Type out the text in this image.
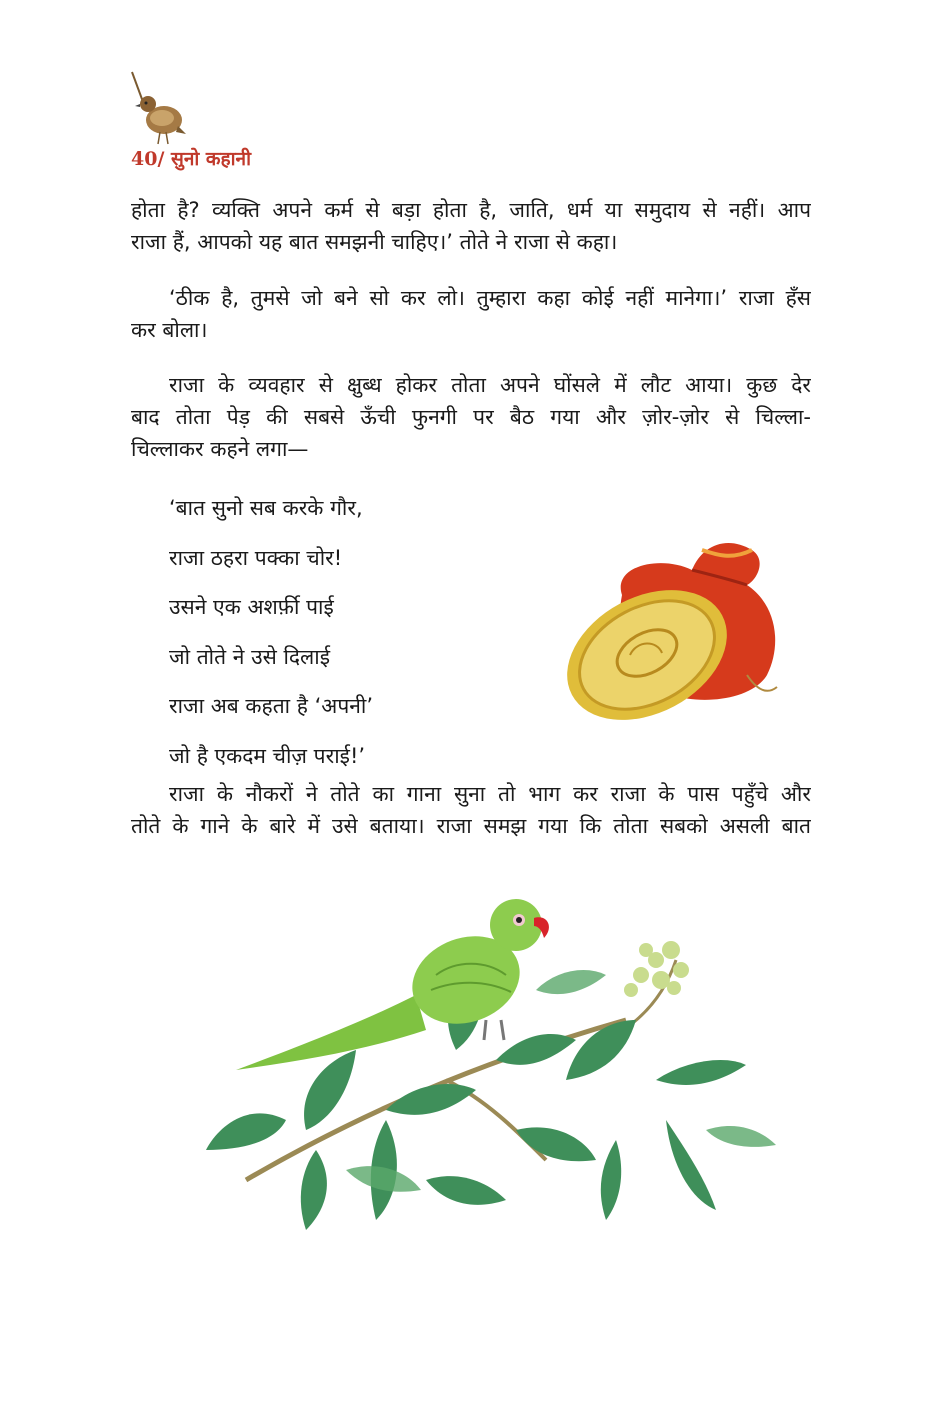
40/ सुनो कहानी
होता है? व्यक्ति अपने कर्म से बड़ा होता है, जाति, धर्म या समुदाय से नहीं। आप
राजा हैं, आपको यह बात समझनी चाहिए।’ तोते ने राजा से कहा।
‘ठीक है, तुमसे जो बने सो कर लो। तुम्हारा कहा कोई नहीं मानेगा।’ राजा हँस
कर बोला।
राजा के व्यवहार से क्षुब्ध होकर तोता अपने घोंसले में लौट आया। कुछ देर
बाद तोता पेड़ की सबसे ऊँची फुनगी पर बैठ गया और ज़ोर-ज़ोर से चिल्ला-
चिल्लाकर कहने लगा—
‘बात सुनो सब करके गौर,
राजा ठहरा पक्का चोर!
उसने एक अशर्फ़ी पाई
जो तोते ने उसे दिलाई
राजा अब कहता है ‘अपनी’
जो है एकदम चीज़ पराई!’
राजा के नौकरों ने तोते का गाना सुना तो भाग कर राजा के पास पहुँचे और
तोते के गाने के बारे में उसे बताया। राजा समझ गया कि तोता सबको असली बात
